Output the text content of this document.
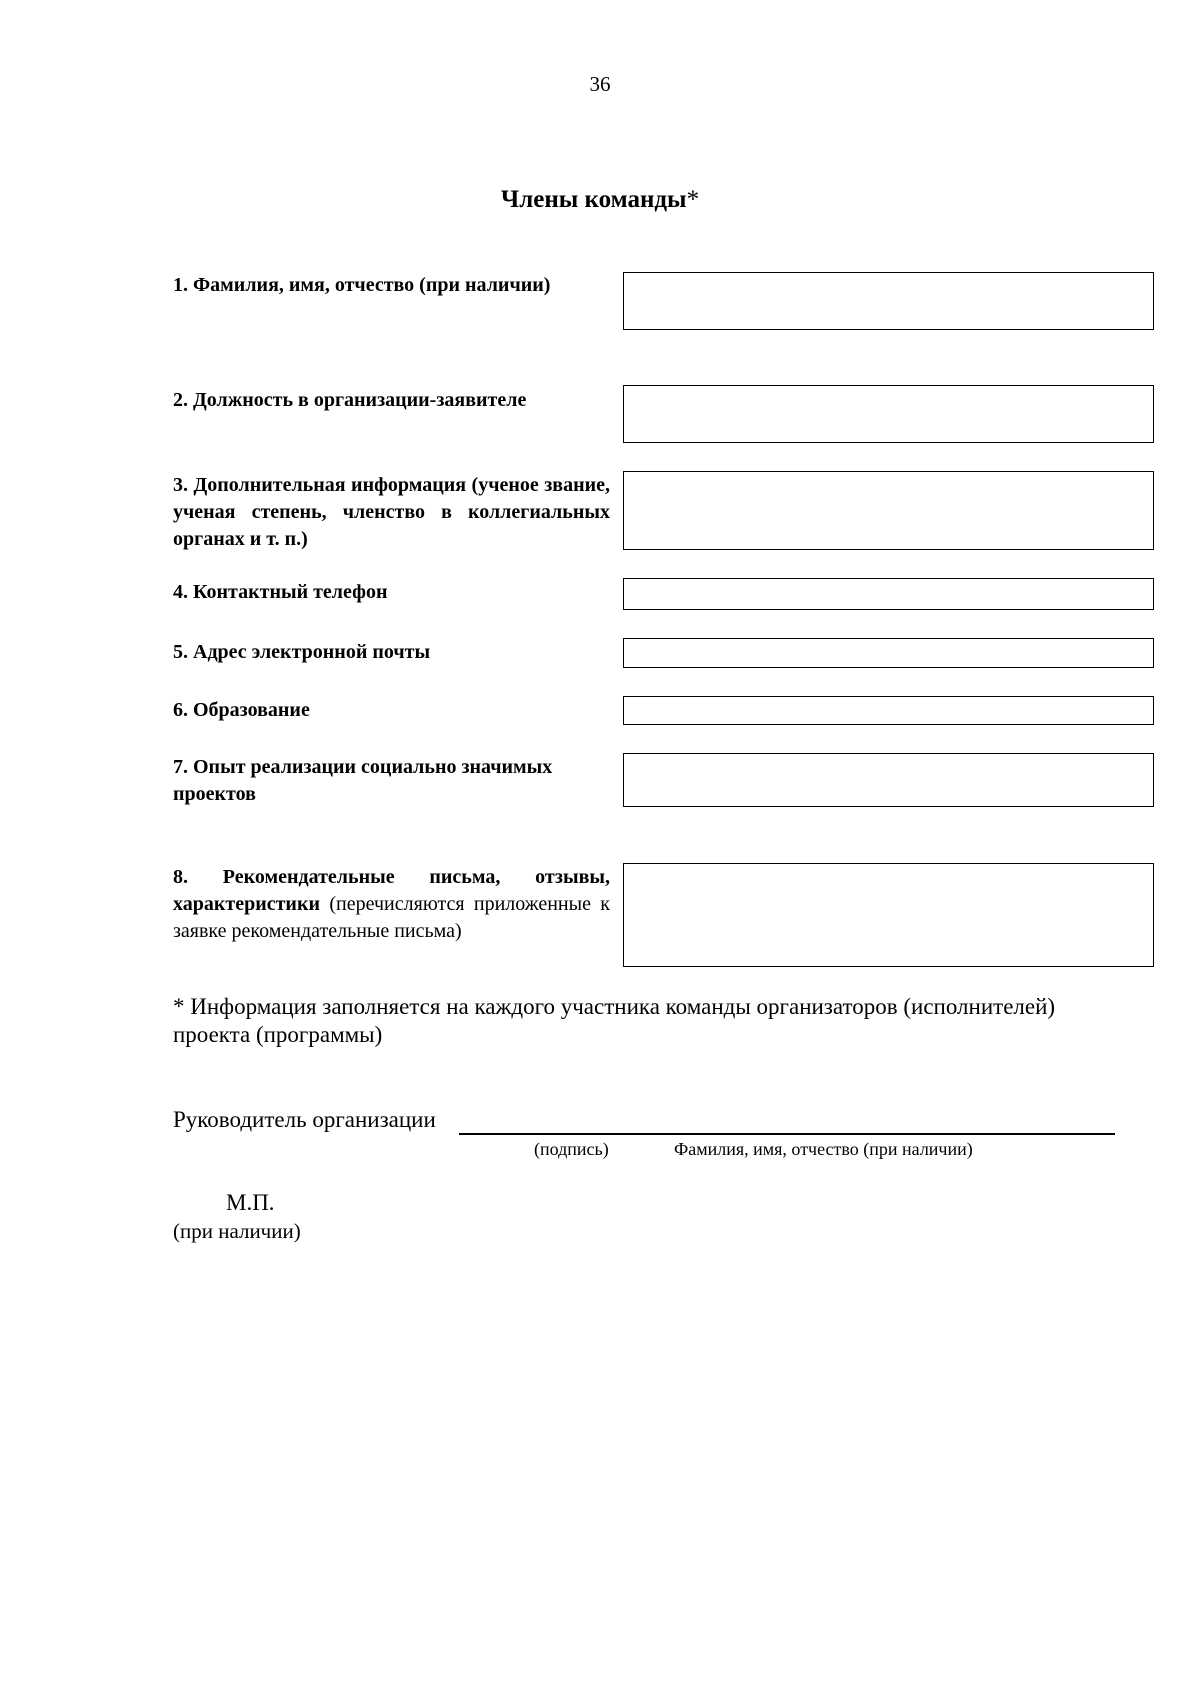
36
Члены команды*
1. Фамилия, имя, отчество (при наличии)
2. Должность в организации-заявителе
3. Дополнительная информация (ученое звание, ученая степень, членство в коллегиальных органах и т. п.)
4. Контактный телефон
5. Адрес электронной почты
6. Образование
7. Опыт реализации социально значимых проектов
8. Рекомендательные письма, отзывы, характеристики (перечисляются приложенные к заявке рекомендательные письма)
* Информация заполняется на каждого участника команды организаторов (исполнителей) проекта (программы)
Руководитель организации
(подпись)	Фамилия, имя, отчество (при наличии)
М.П.
(при наличии)
